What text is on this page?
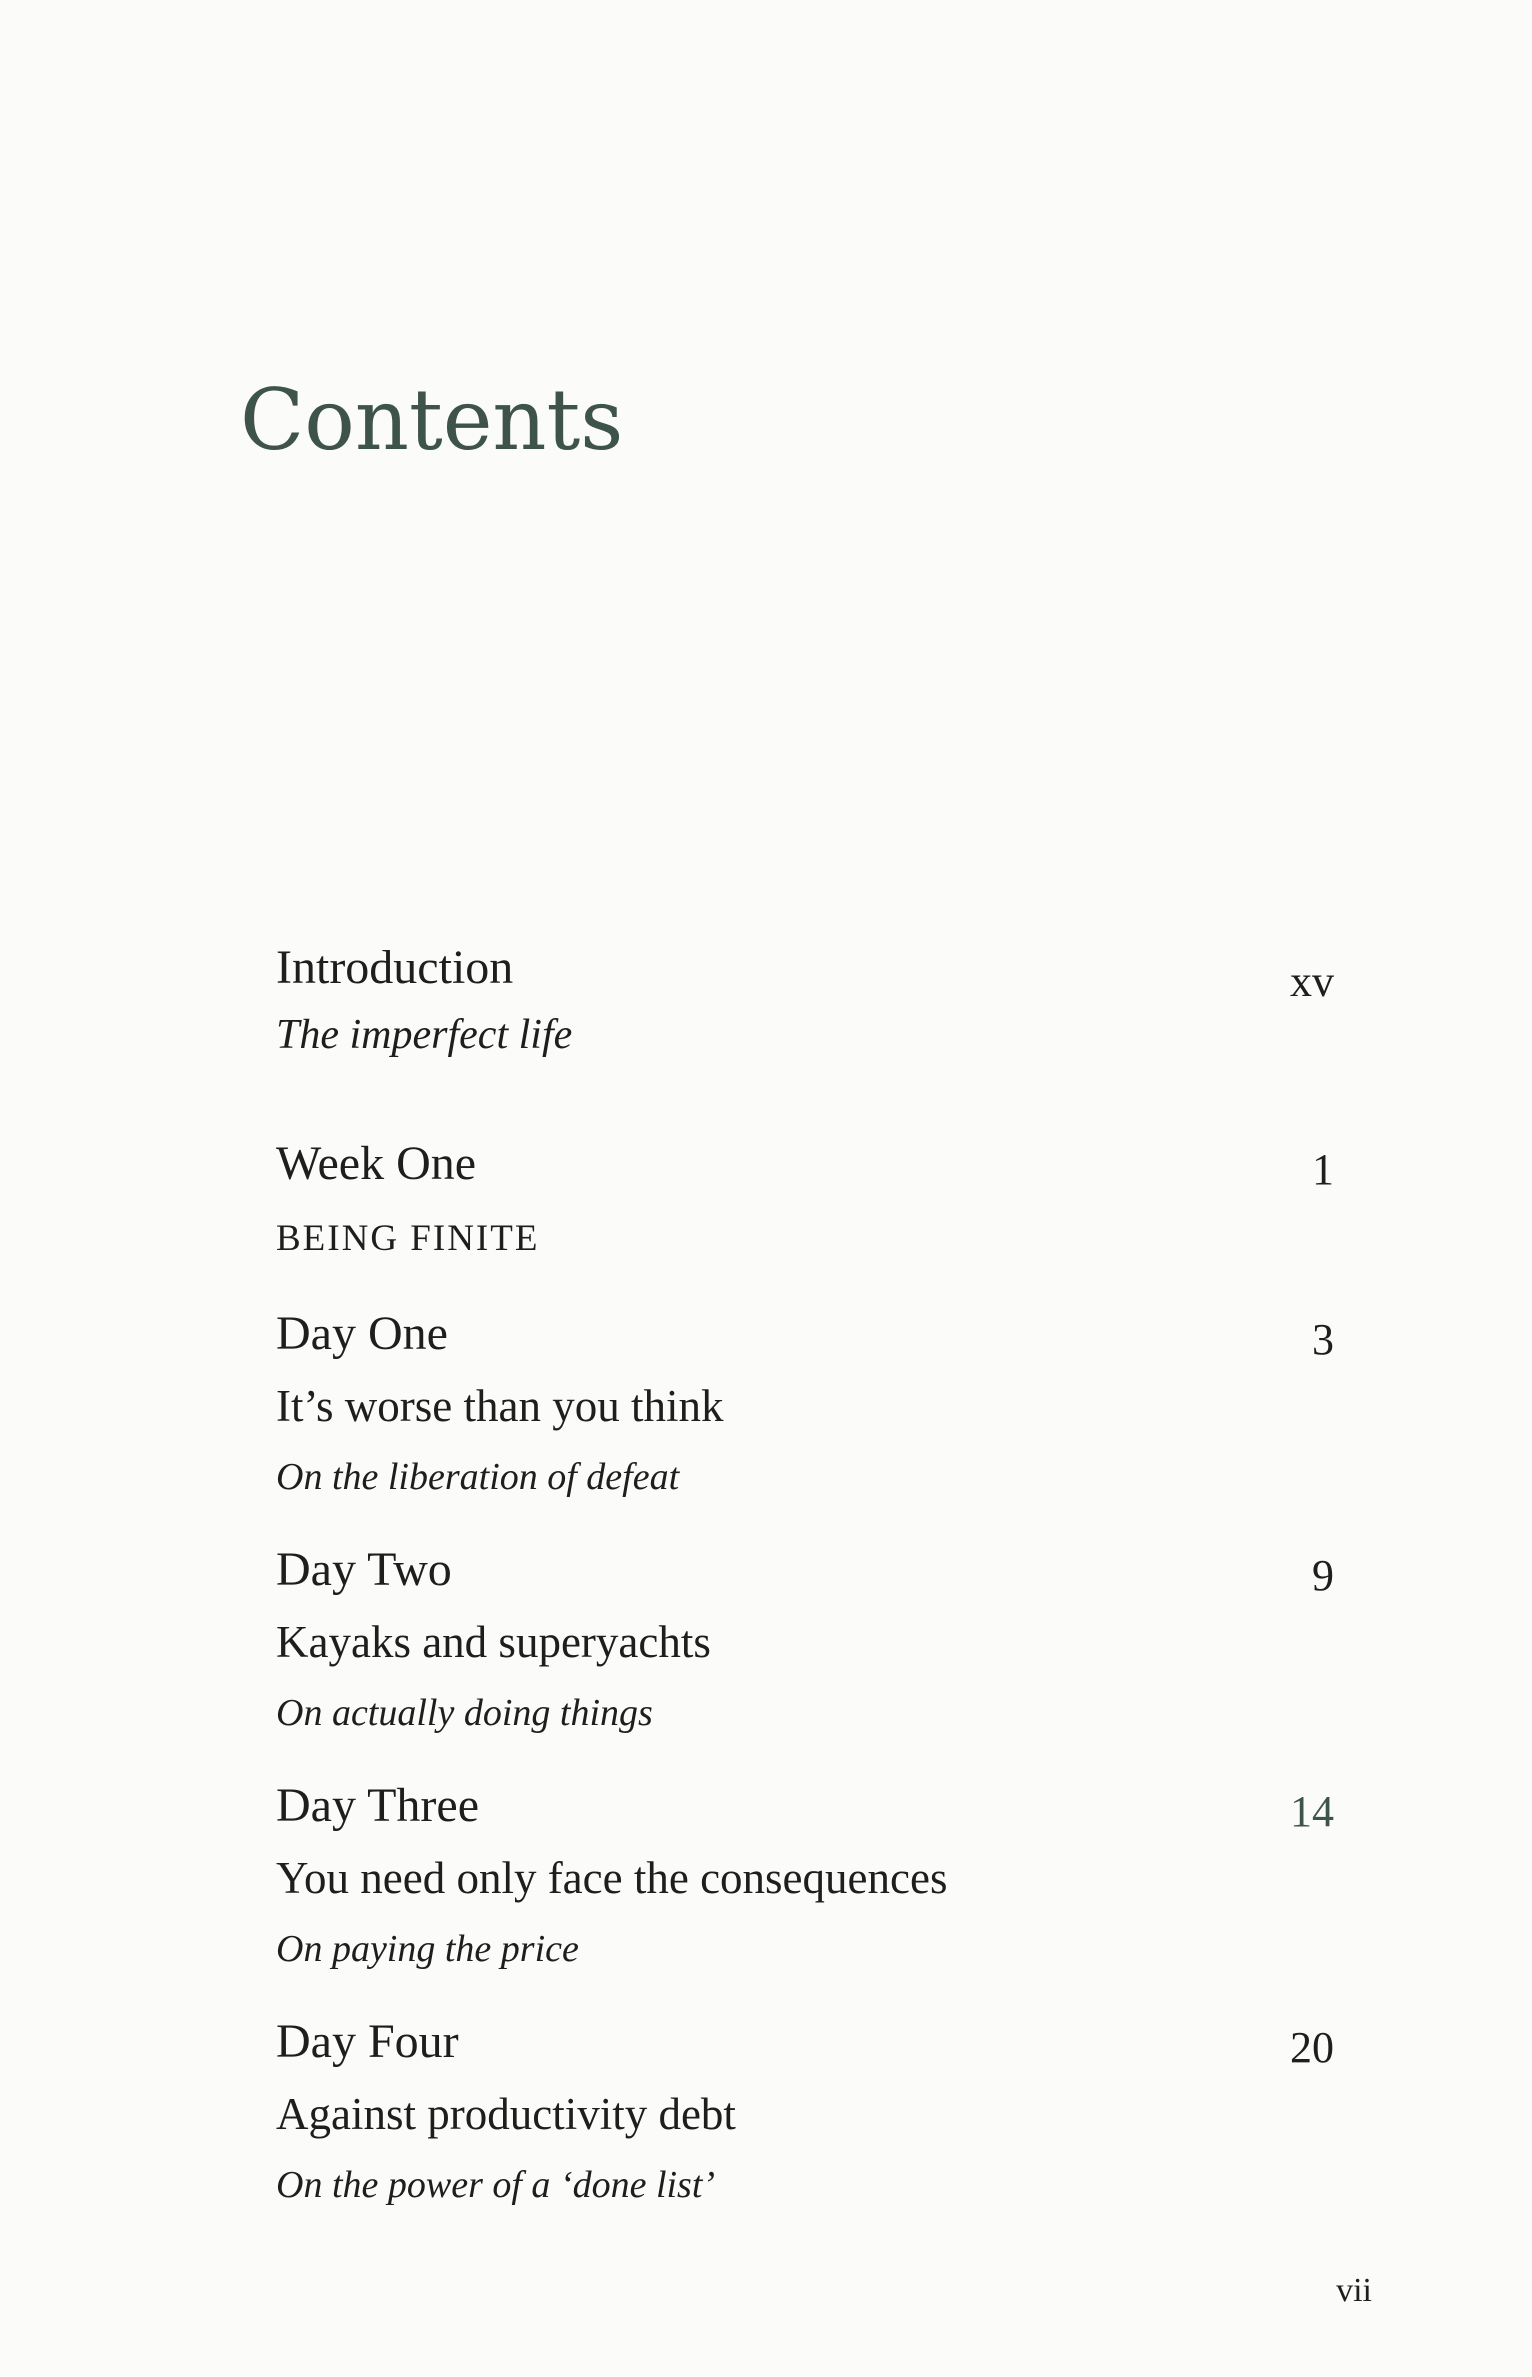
Contents
Introduction	xv
The imperfect life
Week One	1
BEING FINITE
Day One	3
It’s worse than you think
On the liberation of defeat
Day Two	9
Kayaks and superyachts
On actually doing things
Day Three	14
You need only face the consequences
On paying the price
Day Four	20
Against productivity debt
On the power of a ‘done list’
vii
